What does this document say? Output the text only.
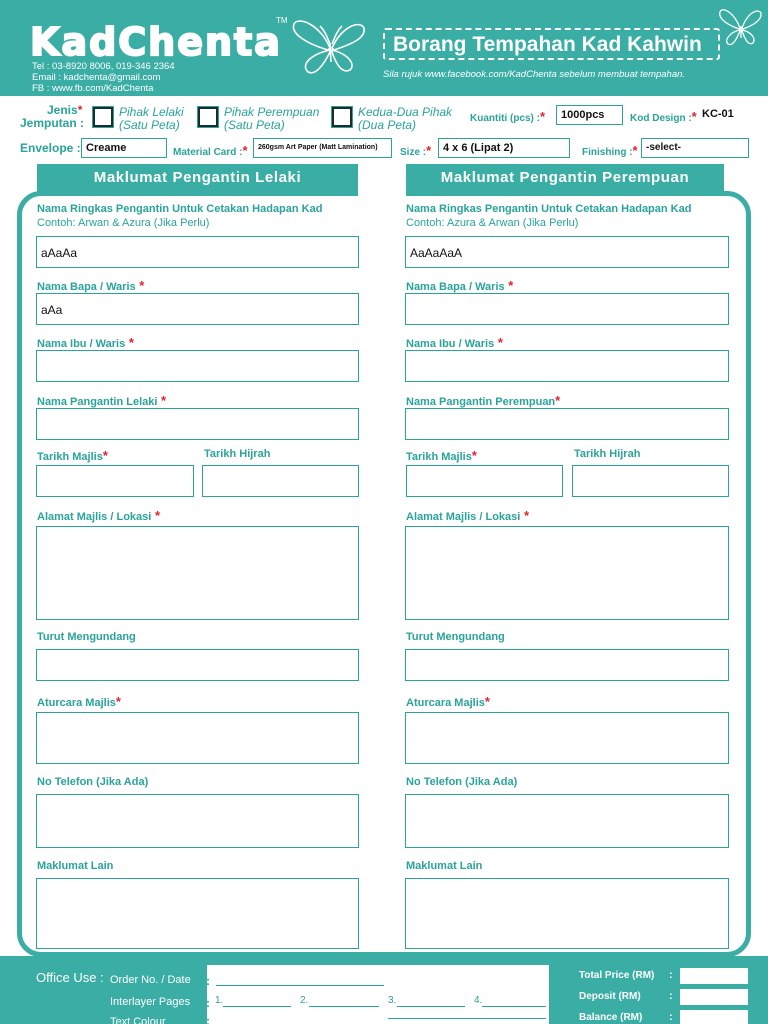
KadChenta
TM
Tel : 03-8920 8006, 019-346 2364
Email : kadchenta@gmail.com
FB : www.fb.com/KadChenta
Borang Tempahan Kad Kahwin
Sila rujuk www.facebook.com/KadChenta sebelum membuat tempahan.
Jenis*
Jemputan :
Pihak Lelaki
(Satu Peta)
Pihak Perempuan
(Satu Peta)
Kedua-Dua Pihak
(Dua Peta)	Kuantiti (pcs) :*	1000pcs	Kod Design :* KC-01
Envelope : Creame	Material Card :*	260gsm Art Paper (Matt Lamination)	Size :*	4 x 6 (Lipat 2)	Finishing :* -select-
Maklumat Pengantin Lelaki	Maklumat Pengantin Perempuan
Nama Ringkas Pengantin Untuk Cetakan Hadapan Kad
Contoh: Arwan & Azura (Jika Perlu)
aAaAa
Nama Bapa / Waris *
aAa
Nama Ibu / Waris *
Nama Pangantin Lelaki *
Tarikh Majlis*	Tarikh Hijrah
Alamat Majlis / Lokasi *
Turut Mengundang
Aturcara Majlis*
No Telefon (Jika Ada)
Maklumat Lain
Nama Ringkas Pengantin Untuk Cetakan Hadapan Kad
Contoh: Azura & Arwan (Jika Perlu)
AaAaAaA
Nama Bapa / Waris *
Nama Ibu / Waris *
Nama Pangantin Perempuan*
Tarikh Majlis*	Tarikh Hijrah
Alamat Majlis / Lokasi *
Turut Mengundang
Aturcara Majlis*
No Telefon (Jika Ada)
Maklumat Lain
Office Use : Order No. / Date
Interlayer Pages
Text Colour
:
: 1.	2.	3.	4.
:
Total Price (RM) :
Deposit (RM)	:
Balance (RM) :
